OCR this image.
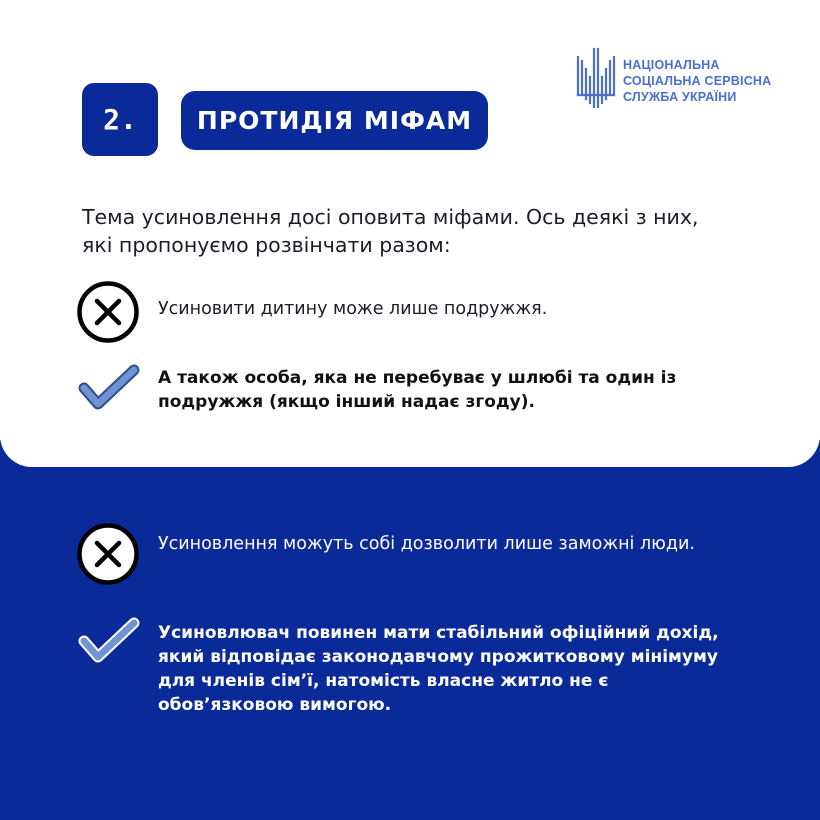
2.	ПРОТИДІЯ МІФАМ
НАЦІОНАЛЬНА
СОЦІАЛЬНА СЕРВІСНА
СЛУЖБА УКРАЇНИ
Тема усиновлення досі оповита міфами. Ось деякі з них, які пропонуємо розвінчати разом:
Усиновити дитину може лише подружжя.
А також особа, яка не перебуває у шлюбі та один із подружжя (якщо інший надає згоду).
Усиновлення можуть собі дозволити лише заможні люди.
Усиновлювач повинен мати стабільний офіційний дохід, який відповідає законодавчому прожитковому мінімуму для членів сім’ї, натомість власне житло не є обов’язковою вимогою.
